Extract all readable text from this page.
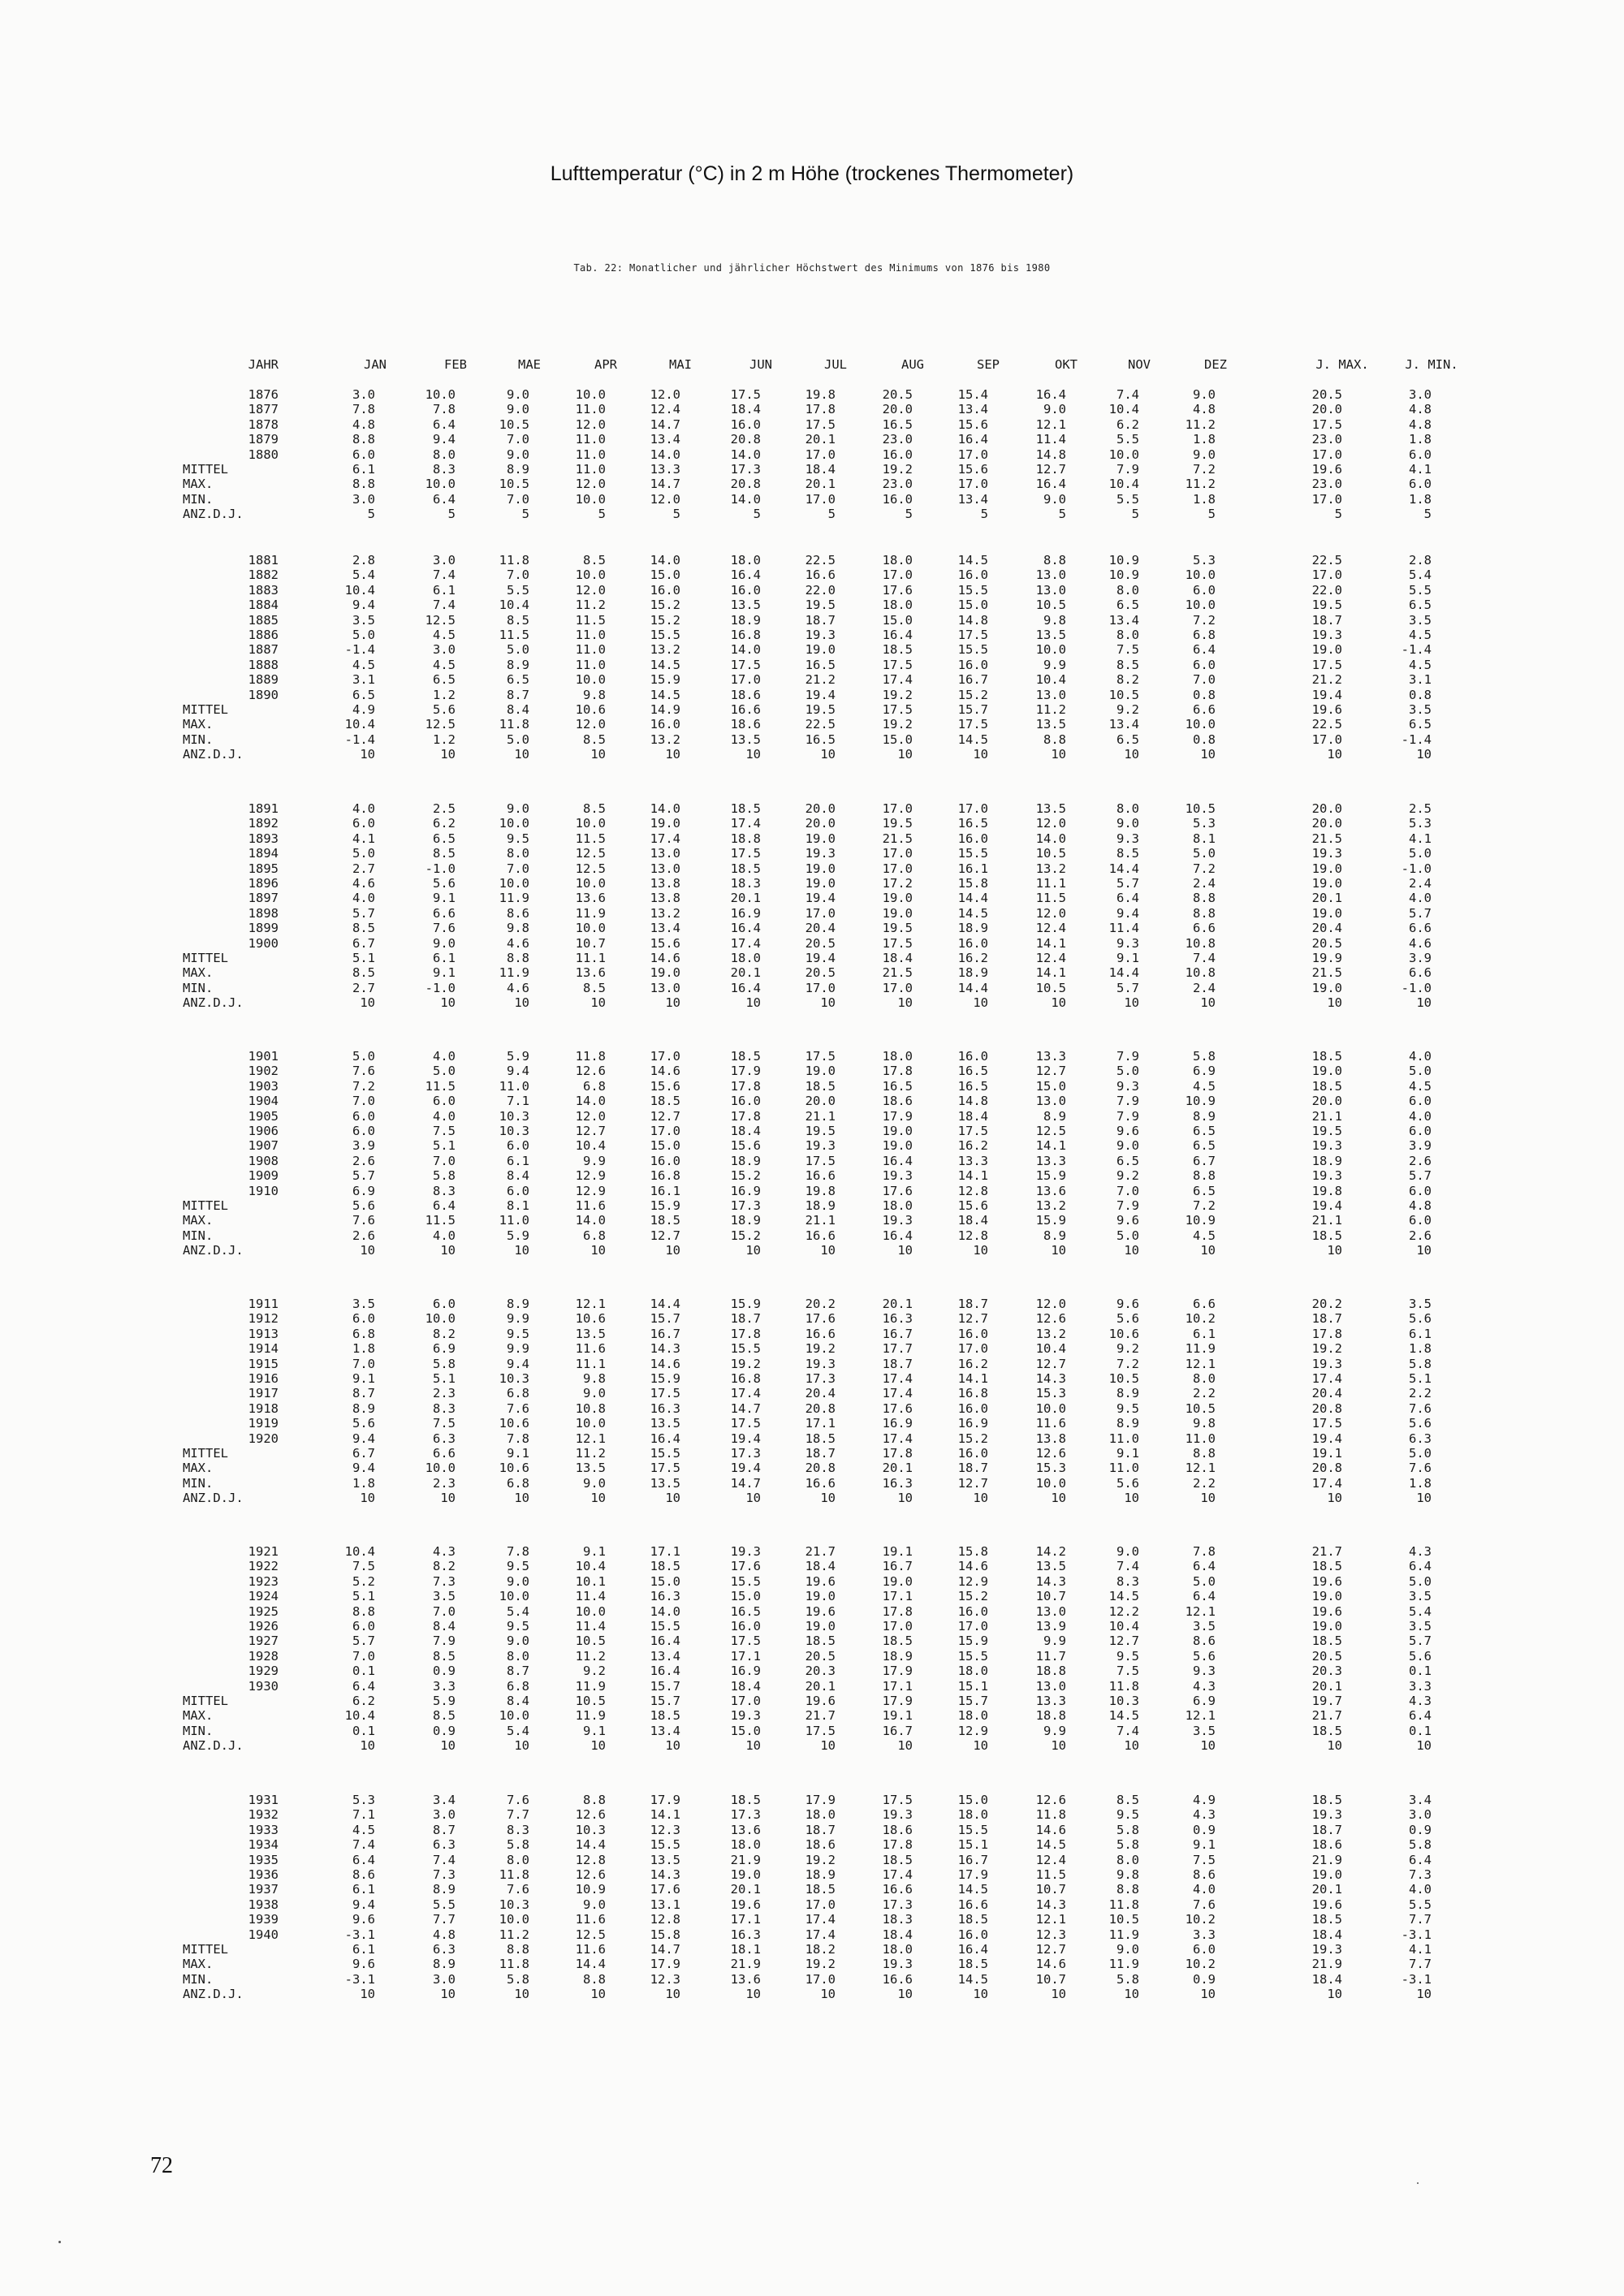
Lufttemperatur (°C) in 2 m Höhe (trockenes Thermometer)
Tab. 22: Monatlicher und jährlicher Höchstwert des Minimums von 1876 bis 1980
JAHR	JAN	FEB	MAE	APR	MAI	JUN	JUL	AUG	SEP	OKT	NOV	DEZ	J. MAX.	J. MIN.
1876	3.0	10.0	9.0	10.0	12.0	17.5	19.8	20.5	15.4	16.4	7.4	9.0	20.5	3.0
1877	7.8	7.8	9.0	11.0	12.4	18.4	17.8	20.0	13.4	9.0	10.4	4.8	20.0	4.8
1878	4.8	6.4	10.5	12.0	14.7	16.0	17.5	16.5	15.6	12.1	6.2	11.2	17.5	4.8
1879	8.8	9.4	7.0	11.0	13.4	20.8	20.1	23.0	16.4	11.4	5.5	1.8	23.0	1.8
1880	6.0	8.0	9.0	11.0	14.0	14.0	17.0	16.0	17.0	14.8	10.0	9.0	17.0	6.0
MITTEL	6.1	8.3	8.9	11.0	13.3	17.3	18.4	19.2	15.6	12.7	7.9	7.2	19.6	4.1
MAX.	8.8	10.0	10.5	12.0	14.7	20.8	20.1	23.0	17.0	16.4	10.4	11.2	23.0	6.0
MIN.	3.0	6.4	7.0	10.0	12.0	14.0	17.0	16.0	13.4	9.0	5.5	1.8	17.0	1.8
ANZ.D.J.	5	5	5	5	5	5	5	5	5	5	5	5	5	5
1881	2.8	3.0	11.8	8.5	14.0	18.0	22.5	18.0	14.5	8.8	10.9	5.3	22.5	2.8
1882	5.4	7.4	7.0	10.0	15.0	16.4	16.6	17.0	16.0	13.0	10.9	10.0	17.0	5.4
1883	10.4	6.1	5.5	12.0	16.0	16.0	22.0	17.6	15.5	13.0	8.0	6.0	22.0	5.5
1884	9.4	7.4	10.4	11.2	15.2	13.5	19.5	18.0	15.0	10.5	6.5	10.0	19.5	6.5
1885	3.5	12.5	8.5	11.5	15.2	18.9	18.7	15.0	14.8	9.8	13.4	7.2	18.7	3.5
1886	5.0	4.5	11.5	11.0	15.5	16.8	19.3	16.4	17.5	13.5	8.0	6.8	19.3	4.5
1887	-1.4	3.0	5.0	11.0	13.2	14.0	19.0	18.5	15.5	10.0	7.5	6.4	19.0	-1.4
1888	4.5	4.5	8.9	11.0	14.5	17.5	16.5	17.5	16.0	9.9	8.5	6.0	17.5	4.5
1889	3.1	6.5	6.5	10.0	15.9	17.0	21.2	17.4	16.7	10.4	8.2	7.0	21.2	3.1
1890	6.5	1.2	8.7	9.8	14.5	18.6	19.4	19.2	15.2	13.0	10.5	0.8	19.4	0.8
MITTEL	4.9	5.6	8.4	10.6	14.9	16.6	19.5	17.5	15.7	11.2	9.2	6.6	19.6	3.5
MAX.	10.4	12.5	11.8	12.0	16.0	18.6	22.5	19.2	17.5	13.5	13.4	10.0	22.5	6.5
MIN.	-1.4	1.2	5.0	8.5	13.2	13.5	16.5	15.0	14.5	8.8	6.5	0.8	17.0	-1.4
ANZ.D.J.	10	10	10	10	10	10	10	10	10	10	10	10	10	10
1891	4.0	2.5	9.0	8.5	14.0	18.5	20.0	17.0	17.0	13.5	8.0	10.5	20.0	2.5
1892	6.0	6.2	10.0	10.0	19.0	17.4	20.0	19.5	16.5	12.0	9.0	5.3	20.0	5.3
1893	4.1	6.5	9.5	11.5	17.4	18.8	19.0	21.5	16.0	14.0	9.3	8.1	21.5	4.1
1894	5.0	8.5	8.0	12.5	13.0	17.5	19.3	17.0	15.5	10.5	8.5	5.0	19.3	5.0
1895	2.7	-1.0	7.0	12.5	13.0	18.5	19.0	17.0	16.1	13.2	14.4	7.2	19.0	-1.0
1896	4.6	5.6	10.0	10.0	13.8	18.3	19.0	17.2	15.8	11.1	5.7	2.4	19.0	2.4
1897	4.0	9.1	11.9	13.6	13.8	20.1	19.4	19.0	14.4	11.5	6.4	8.8	20.1	4.0
1898	5.7	6.6	8.6	11.9	13.2	16.9	17.0	19.0	14.5	12.0	9.4	8.8	19.0	5.7
1899	8.5	7.6	9.8	10.0	13.4	16.4	20.4	19.5	18.9	12.4	11.4	6.6	20.4	6.6
1900	6.7	9.0	4.6	10.7	15.6	17.4	20.5	17.5	16.0	14.1	9.3	10.8	20.5	4.6
MITTEL	5.1	6.1	8.8	11.1	14.6	18.0	19.4	18.4	16.2	12.4	9.1	7.4	19.9	3.9
MAX.	8.5	9.1	11.9	13.6	19.0	20.1	20.5	21.5	18.9	14.1	14.4	10.8	21.5	6.6
MIN.	2.7	-1.0	4.6	8.5	13.0	16.4	17.0	17.0	14.4	10.5	5.7	2.4	19.0	-1.0
ANZ.D.J.	10	10	10	10	10	10	10	10	10	10	10	10	10	10
1901	5.0	4.0	5.9	11.8	17.0	18.5	17.5	18.0	16.0	13.3	7.9	5.8	18.5	4.0
1902	7.6	5.0	9.4	12.6	14.6	17.9	19.0	17.8	16.5	12.7	5.0	6.9	19.0	5.0
1903	7.2	11.5	11.0	6.8	15.6	17.8	18.5	16.5	16.5	15.0	9.3	4.5	18.5	4.5
1904	7.0	6.0	7.1	14.0	18.5	16.0	20.0	18.6	14.8	13.0	7.9	10.9	20.0	6.0
1905	6.0	4.0	10.3	12.0	12.7	17.8	21.1	17.9	18.4	8.9	7.9	8.9	21.1	4.0
1906	6.0	7.5	10.3	12.7	17.0	18.4	19.5	19.0	17.5	12.5	9.6	6.5	19.5	6.0
1907	3.9	5.1	6.0	10.4	15.0	15.6	19.3	19.0	16.2	14.1	9.0	6.5	19.3	3.9
1908	2.6	7.0	6.1	9.9	16.0	18.9	17.5	16.4	13.3	13.3	6.5	6.7	18.9	2.6
1909	5.7	5.8	8.4	12.9	16.8	15.2	16.6	19.3	14.1	15.9	9.2	8.8	19.3	5.7
1910	6.9	8.3	6.0	12.9	16.1	16.9	19.8	17.6	12.8	13.6	7.0	6.5	19.8	6.0
MITTEL	5.6	6.4	8.1	11.6	15.9	17.3	18.9	18.0	15.6	13.2	7.9	7.2	19.4	4.8
MAX.	7.6	11.5	11.0	14.0	18.5	18.9	21.1	19.3	18.4	15.9	9.6	10.9	21.1	6.0
MIN.	2.6	4.0	5.9	6.8	12.7	15.2	16.6	16.4	12.8	8.9	5.0	4.5	18.5	2.6
ANZ.D.J.	10	10	10	10	10	10	10	10	10	10	10	10	10	10
1911	3.5	6.0	8.9	12.1	14.4	15.9	20.2	20.1	18.7	12.0	9.6	6.6	20.2	3.5
1912	6.0	10.0	9.9	10.6	15.7	18.7	17.6	16.3	12.7	12.6	5.6	10.2	18.7	5.6
1913	6.8	8.2	9.5	13.5	16.7	17.8	16.6	16.7	16.0	13.2	10.6	6.1	17.8	6.1
1914	1.8	6.9	9.9	11.6	14.3	15.5	19.2	17.7	17.0	10.4	9.2	11.9	19.2	1.8
1915	7.0	5.8	9.4	11.1	14.6	19.2	19.3	18.7	16.2	12.7	7.2	12.1	19.3	5.8
1916	9.1	5.1	10.3	9.8	15.9	16.8	17.3	17.4	14.1	14.3	10.5	8.0	17.4	5.1
1917	8.7	2.3	6.8	9.0	17.5	17.4	20.4	17.4	16.8	15.3	8.9	2.2	20.4	2.2
1918	8.9	8.3	7.6	10.8	16.3	14.7	20.8	17.6	16.0	10.0	9.5	10.5	20.8	7.6
1919	5.6	7.5	10.6	10.0	13.5	17.5	17.1	16.9	16.9	11.6	8.9	9.8	17.5	5.6
1920	9.4	6.3	7.8	12.1	16.4	19.4	18.5	17.4	15.2	13.8	11.0	11.0	19.4	6.3
MITTEL	6.7	6.6	9.1	11.2	15.5	17.3	18.7	17.8	16.0	12.6	9.1	8.8	19.1	5.0
MAX.	9.4	10.0	10.6	13.5	17.5	19.4	20.8	20.1	18.7	15.3	11.0	12.1	20.8	7.6
MIN.	1.8	2.3	6.8	9.0	13.5	14.7	16.6	16.3	12.7	10.0	5.6	2.2	17.4	1.8
ANZ.D.J.	10	10	10	10	10	10	10	10	10	10	10	10	10	10
1921	10.4	4.3	7.8	9.1	17.1	19.3	21.7	19.1	15.8	14.2	9.0	7.8	21.7	4.3
1922	7.5	8.2	9.5	10.4	18.5	17.6	18.4	16.7	14.6	13.5	7.4	6.4	18.5	6.4
1923	5.2	7.3	9.0	10.1	15.0	15.5	19.6	19.0	12.9	14.3	8.3	5.0	19.6	5.0
1924	5.1	3.5	10.0	11.4	16.3	15.0	19.0	17.1	15.2	10.7	14.5	6.4	19.0	3.5
1925	8.8	7.0	5.4	10.0	14.0	16.5	19.6	17.8	16.0	13.0	12.2	12.1	19.6	5.4
1926	6.0	8.4	9.5	11.4	15.5	16.0	19.0	17.0	17.0	13.9	10.4	3.5	19.0	3.5
1927	5.7	7.9	9.0	10.5	16.4	17.5	18.5	18.5	15.9	9.9	12.7	8.6	18.5	5.7
1928	7.0	8.5	8.0	11.2	13.4	17.1	20.5	18.9	15.5	11.7	9.5	5.6	20.5	5.6
1929	0.1	0.9	8.7	9.2	16.4	16.9	20.3	17.9	18.0	18.8	7.5	9.3	20.3	0.1
1930	6.4	3.3	6.8	11.9	15.7	18.4	20.1	17.1	15.1	13.0	11.8	4.3	20.1	3.3
MITTEL	6.2	5.9	8.4	10.5	15.7	17.0	19.6	17.9	15.7	13.3	10.3	6.9	19.7	4.3
MAX.	10.4	8.5	10.0	11.9	18.5	19.3	21.7	19.1	18.0	18.8	14.5	12.1	21.7	6.4
MIN.	0.1	0.9	5.4	9.1	13.4	15.0	17.5	16.7	12.9	9.9	7.4	3.5	18.5	0.1
ANZ.D.J.	10	10	10	10	10	10	10	10	10	10	10	10	10	10
1931	5.3	3.4	7.6	8.8	17.9	18.5	17.9	17.5	15.0	12.6	8.5	4.9	18.5	3.4
1932	7.1	3.0	7.7	12.6	14.1	17.3	18.0	19.3	18.0	11.8	9.5	4.3	19.3	3.0
1933	4.5	8.7	8.3	10.3	12.3	13.6	18.7	18.6	15.5	14.6	5.8	0.9	18.7	0.9
1934	7.4	6.3	5.8	14.4	15.5	18.0	18.6	17.8	15.1	14.5	5.8	9.1	18.6	5.8
1935	6.4	7.4	8.0	12.8	13.5	21.9	19.2	18.5	16.7	12.4	8.0	7.5	21.9	6.4
1936	8.6	7.3	11.8	12.6	14.3	19.0	18.9	17.4	17.9	11.5	9.8	8.6	19.0	7.3
1937	6.1	8.9	7.6	10.9	17.6	20.1	18.5	16.6	14.5	10.7	8.8	4.0	20.1	4.0
1938	9.4	5.5	10.3	9.0	13.1	19.6	17.0	17.3	16.6	14.3	11.8	7.6	19.6	5.5
1939	9.6	7.7	10.0	11.6	12.8	17.1	17.4	18.3	18.5	12.1	10.5	10.2	18.5	7.7
1940	-3.1	4.8	11.2	12.5	15.8	16.3	17.4	18.4	16.0	12.3	11.9	3.3	18.4	-3.1
MITTEL	6.1	6.3	8.8	11.6	14.7	18.1	18.2	18.0	16.4	12.7	9.0	6.0	19.3	4.1
MAX.	9.6	8.9	11.8	14.4	17.9	21.9	19.2	19.3	18.5	14.6	11.9	10.2	21.9	7.7
MIN.	-3.1	3.0	5.8	8.8	12.3	13.6	17.0	16.6	14.5	10.7	5.8	0.9	18.4	-3.1
ANZ.D.J.	10	10	10	10	10	10	10	10	10	10	10	10	10	10
72
